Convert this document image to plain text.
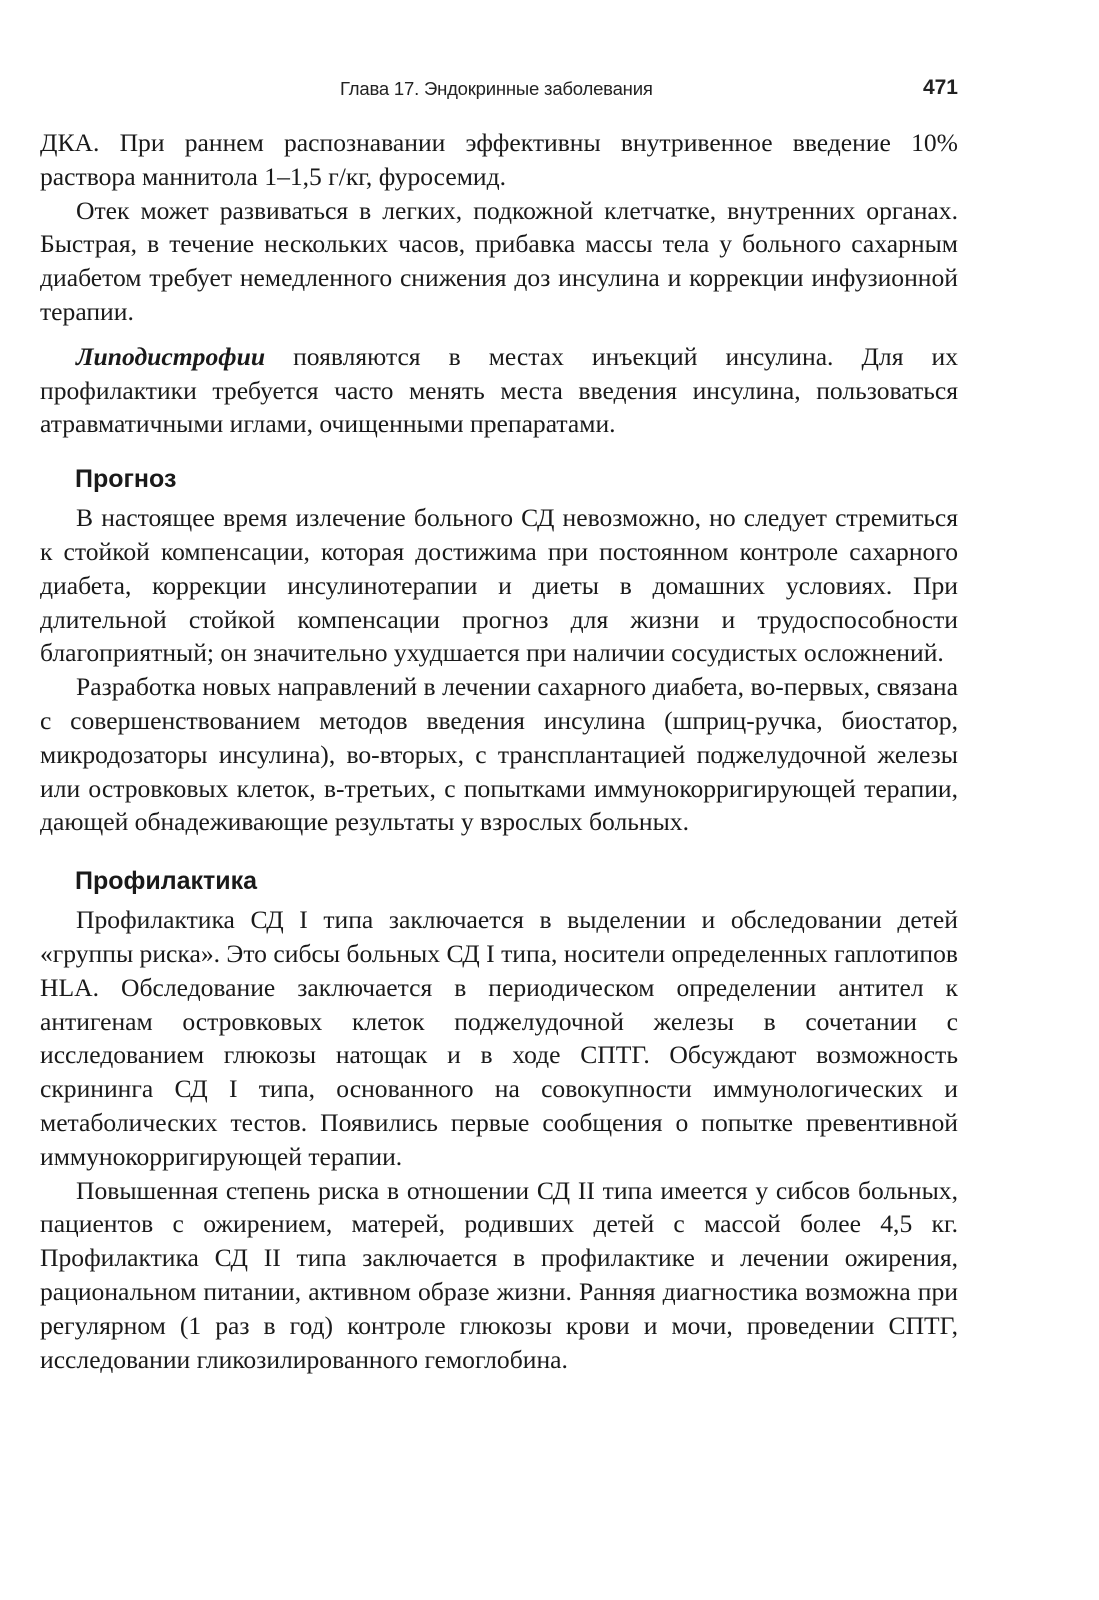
Глава 17. Эндокринные заболевания	471

ДКА. При раннем распознавании эффективны внутривенное введение 10% раствора маннитола 1–1,5 г/кг, фуросемид.

Отек может развиваться в легких, подкожной клетчатке, внутренних органах. Быстрая, в течение нескольких часов, прибавка массы тела у больного сахарным диабетом требует немедленного снижения доз инсулина и коррекции инфузионной терапии.

Липодистрофии появляются в местах инъекций инсулина. Для их профилактики требуется часто менять места введения инсулина, пользоваться атравматичными иглами, очищенными препаратами.

Прогноз

В настоящее время излечение больного СД невозможно, но следует стремиться к стойкой компенсации, которая достижима при постоянном контроле сахарного диабета, коррекции инсулинотерапии и диеты в домашних условиях. При длительной стойкой компенсации прогноз для жизни и трудоспособности благоприятный; он значительно ухудшается при наличии сосудистых осложнений.

Разработка новых направлений в лечении сахарного диабета, во-первых, связана с совершенствованием методов введения инсулина (шприц-ручка, биостатор, микродозаторы инсулина), во-вторых, с трансплантацией поджелудочной железы или островковых клеток, в-третьих, с попытками иммунокорригирующей терапии, дающей обнадеживающие результаты у взрослых больных.

Профилактика

Профилактика СД I типа заключается в выделении и обследовании детей «группы риска». Это сибсы больных СД I типа, носители определенных гаплотипов HLA. Обследование заключается в периодическом определении антител к антигенам островковых клеток поджелудочной железы в сочетании с исследованием глюкозы натощак и в ходе СПТГ. Обсуждают возможность скрининга СД I типа, основанного на совокупности иммунологических и метаболических тестов. Появились первые сообщения о попытке превентивной иммунокорригирующей терапии.

Повышенная степень риска в отношении СД II типа имеется у сибсов больных, пациентов с ожирением, матерей, родивших детей с массой более 4,5 кг. Профилактика СД II типа заключается в профилактике и лечении ожирения, рациональном питании, активном образе жизни. Ранняя диагностика возможна при регулярном (1 раз в год) контроле глюкозы крови и мочи, проведении СПТГ, исследовании гликозилированного гемоглобина.
